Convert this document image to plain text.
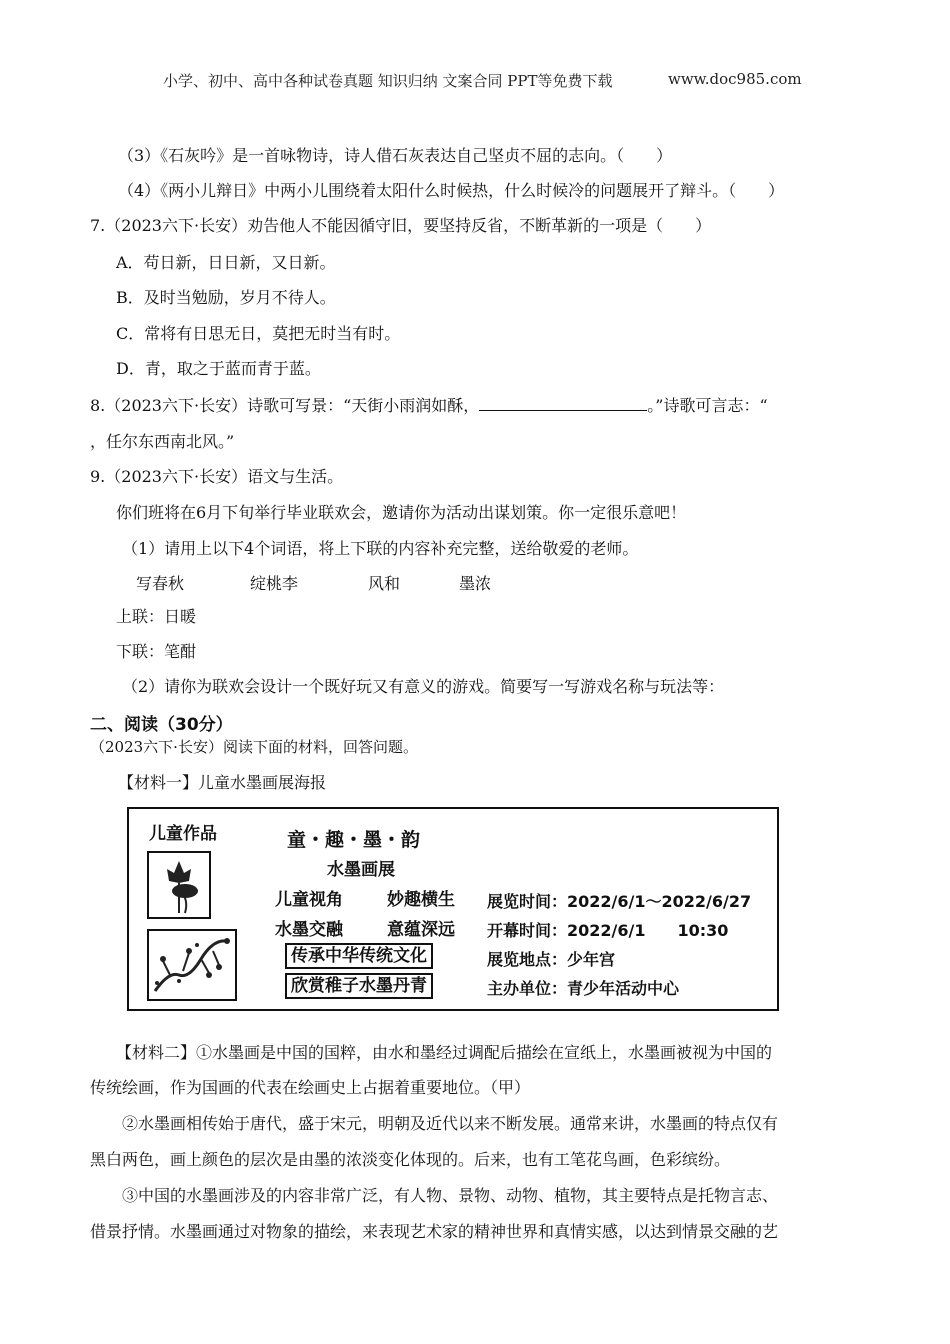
小学、初中、高中各种试卷真题 知识归纳 文案合同 PPT等免费下载	www.doc985.com
（3）《石灰吟》是一首咏物诗，诗人借石灰表达自己坚贞不屈的志向。（　　）
（4）《两小儿辩日》中两小儿围绕着太阳什么时候热，什么时候冷的问题展开了辩斗。（　　）
7.（2023六下·长安）劝告他人不能因循守旧，要坚持反省，不断革新的一项是（　　）
A．苟日新，日日新，又日新。
B．及时当勉励，岁月不待人。
C．常将有日思无日，莫把无时当有时。
D．青，取之于蓝而青于蓝。
8.（2023六下·长安）诗歌可写景：“天街小雨润如酥，	。”诗歌可言志：“
，任尔东西南北风。”
9.（2023六下·长安）语文与生活。
你们班将在6月下旬举行毕业联欢会，邀请你为活动出谋划策。你一定很乐意吧！
（1）请用上以下4个词语，将上下联的内容补充完整，送给敬爱的老师。
写春秋	绽桃李	风和	墨浓
上联：日暖
下联：笔酣
（2）请你为联欢会设计一个既好玩又有意义的游戏。简要写一写游戏名称与玩法等：
二、阅读（30分）
（2023六下·长安）阅读下面的材料，回答问题。
【材料一】儿童水墨画展海报
儿童作品	童・趣・墨・韵
水墨画展
儿童视角	妙趣横生
水墨交融	意蕴深远
传承中华传统文化
欣赏稚子水墨丹青
展览时间：2022/6/1～2022/6/27
开幕时间：2022/6/1　　10:30
展览地点：少年宫
主办单位：青少年活动中心
【材料二】①水墨画是中国的国粹，由水和墨经过调配后描绘在宣纸上，水墨画被视为中国的
传统绘画，作为国画的代表在绘画史上占据着重要地位。（甲）
②水墨画相传始于唐代，盛于宋元，明朝及近代以来不断发展。通常来讲，水墨画的特点仅有
黑白两色，画上颜色的层次是由墨的浓淡变化体现的。后来，也有工笔花鸟画，色彩缤纷。
③中国的水墨画涉及的内容非常广泛，有人物、景物、动物、植物，其主要特点是托物言志、
借景抒情。水墨画通过对物象的描绘，来表现艺术家的精神世界和真情实感，以达到情景交融的艺
